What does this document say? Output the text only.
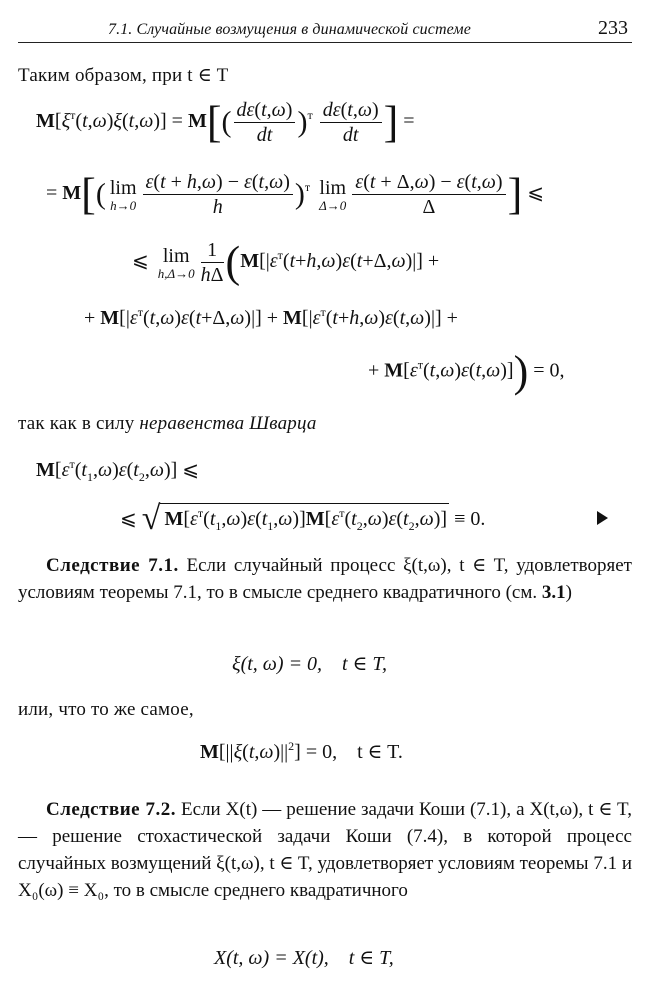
7.1. Случайные возмущения в динамической системе	233
Таким образом, при t ∈ T
$M[\xi^т(t,\omega)\xi(t,\omega)] = M[( \frac{d\varepsilon(t,\omega)}{dt} )^т \frac{d\varepsilon(t,\omega)}{dt}$ ] =
= M[( lim
$h\to 0 \frac{\varepsilon(t + h,\omega) - \varepsilon(t,\omega)}{h} )^т$ lim
$\Delta\to 0 \frac{\varepsilon(t + \Delta,\omega) - \varepsilon(t,\omega)}{\Delta}$ ] ⩽
⩽ lim
$h,\Delta\to 0 \frac{1}{h\Delta} (M[|\varepsilon^т(t+h,\omega)\varepsilon(t+\Delta,\omega)|]$ +
+ $M[|\varepsilon^т(t,\omega)\varepsilon(t+\Delta,\omega)|] + M[|\varepsilon^т(t+h,\omega)\varepsilon(t,\omega)|]$ +
+ $M[\varepsilon^т(t,\omega)\varepsilon(t,\omega)]) = 0$,
так как в силу неравенства Шварца
$M[\varepsilon^т(t_1,\omega)\varepsilon(t_2,\omega)]$ ⩽
⩽ √ $M[\varepsilon^т(t_1,\omega)\varepsilon(t_1,\omega)]M[\varepsilon^т(t_2,\omega)\varepsilon(t_2,\omega)] \equiv 0$.
Следствие 7.1. Если случайный процесс ξ(t,ω), t ∈ T, удовлетворяет условиям теоремы 7.1, то в смысле среднего квадратичного (см. 3.1)
ξ(t, ω) = 0,    t ∈ T,
или, что то же самое,
$M[||\xi(t,\omega)||^2] = 0$,    t ∈ T.
Следствие 7.2. Если X(t) — решение задачи Коши (7.1), а X(t,ω), t ∈ T, — решение стохастической задачи Коши (7.4), в которой процесс случайных возмущений ξ(t,ω), t ∈ T, удовлетворяет условиям теоремы 7.1 и X₀(ω) ≡ X₀, то в смысле среднего квадратичного
X(t, ω) = X(t),    t ∈ T,
